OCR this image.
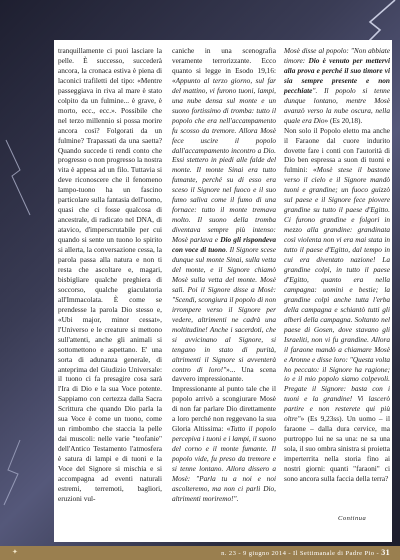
tranquillamente ci puoi lasciare la pelle. È successo, succederà ancora, la cronaca estiva è piena di laconici trafiletti del tipo: «Mentre passeggiava in riva al mare è stato colpito da un fulmine... è grave, è morto, ecc., ecc.». Possibile che nel terzo millennio si possa morire ancora così? Folgorati da un fulmine? Trapassati da una saetta? Quando succede ti rendi conto che progresso o non progresso la nostra vita è appesa ad un filo. Tuttavia si deve riconoscere che il fenomeno lampo-tuono ha un fascino particolare sulla fantasia dell'uomo, quasi che ci fosse qualcosa di ancestrale, di radicato nel DNA, di atavico, d'imperscrutabile per cui quando si sente un tuono lo spirito si allerta, la conversazione cessa, la parola passa alla natura e non ti resta che ascoltare e, magari, bisbigliare qualche preghiera di soccorso, qualche giaculatoria all'Immacolata. È come se prendesse la parola Dio stesso e, «Ubi major, minor cessat», l'Universo e le creature si mettono sull'attenti, anche gli animali si sottomettono e aspettano. E' una sorta di adunanza generale, di anteprima del Giudizio Universale: il tuono ci fa presagire cosa sarà l'Ira di Dio e la sua Voce potente. Sappiamo con certezza dalla Sacra Scrittura che quando Dio parla la sua Voce è come un tuono, come un rimbombo che staccia la pelle dai muscoli: nelle varie "teofanie" dell'Antico Testamento l'atmosfera è satura di lampi e di tuoni e la Voce del Signore si mischia e si accompagna ad eventi naturali estremi, terremoti, bagliori, eruzioni vul-

caniche in una scenografia veramente terrorizzante. Ecco quanto si legge in Esodo 19,16: «Appunto al terzo giorno, sul far del mattino, vi furono tuoni, lampi, una nube densa sul monte e un suono fortissimo di tromba: tutto il popolo che era nell'accampamento fu scosso da tremore. Allora Mosè fece uscire il popolo dall'accampamento incontro a Dio. Essi stettero in piedi alle falde del monte. Il monte Sinai era tutto fumante, perché su di esso era sceso il Signore nel fuoco e il suo fumo saliva come il fumo di una fornace: tutto il monte tremava molto. Il suono della tromba diventava sempre più intenso: Mosè parlava e Dio gli rispondeva con voce di tuono. Il Signore scese dunque sul monte Sinai, sulla vetta del monte, e il Signore chiamò Mosè sulla vetta del monte. Mosè salì. Poi il Signore disse a Mosè: "Scendi, scongiura il popolo di non irrompere verso il Signore per vedere, altrimenti ne cadrà una moltitudine! Anche i sacerdoti, che si avvicinano al Signore, si tengano in stato di purità, altrimenti il Signore si avventerà contro di loro!"»... Una scena davvero impressionante.
Impressionante al punto tale che il popolo arrivò a scongiurare Mosè di non far parlare Dio direttamente a loro perché non reggevano la sua Gloria Altissima: «Tutto il popolo percepiva i tuoni e i lampi, il suono del corno e il monte fumante. Il popolo vide, fu preso da tremore e si tenne lontano. Allora dissero a Mosè: "Parla tu a noi e noi ascolteremo, ma non ci parli Dio, altrimenti moriremo!".

Mosè disse al popolo: "Non abbiate timore: Dio è venuto per mettervi alla prova e perché il suo timore vi sia sempre presente e non pecchiate". Il popolo si tenne dunque lontano, mentre Mosè avanzò verso la nube oscura, nella quale era Dio» (Es 20,18).
Non solo il Popolo eletto ma anche il Faraone dal cuore indurito dovette fare i conti con l'autorità di Dio ben espressa a suon di tuoni e fulmini: «Mosè stese il bastone verso il cielo e il Signore mandò tuoni e grandine; un fuoco guizzò sul paese e il Signore fece piovere grandine su tutto il paese d'Egitto. Ci furono grandine e folgori in mezzo alla grandine: grandinata così violenta non vi era mai stata in tutto il paese d'Egitto, dal tempo in cui era diventato nazione! La grandine colpì, in tutto il paese d'Egitto, quanto era nella campagna: uomini e bestie; la grandine colpì anche tutta l'erba della campagna e schiantò tutti gli alberi della campagna. Soltanto nel paese di Gosen, dove stavano gli Israeliti, non vi fu grandine. Allora il faraone mandò a chiamare Mosè e Aronne e disse loro: "Questa volta ho peccato: il Signore ha ragione; io e il mio popolo siamo colpevoli. Pregate il Signore: basta con i tuoni e la grandine! Vi lascerò partire e non resterete qui più oltre"» (Es 9,23ss). Un uomo – il faraone – dalla dura cervice, ma purtroppo lui ne sa una: ne sa una sola, il suo ombra sinistra si proietta imperterrita nella storia fino ai nostri giorni: quanti "faraoni" ci sono ancora sulla faccia della terra?

Continua
✦	n. 23 - 9 giugno 2014 - Il Settimanale di Padre Pio - 31
